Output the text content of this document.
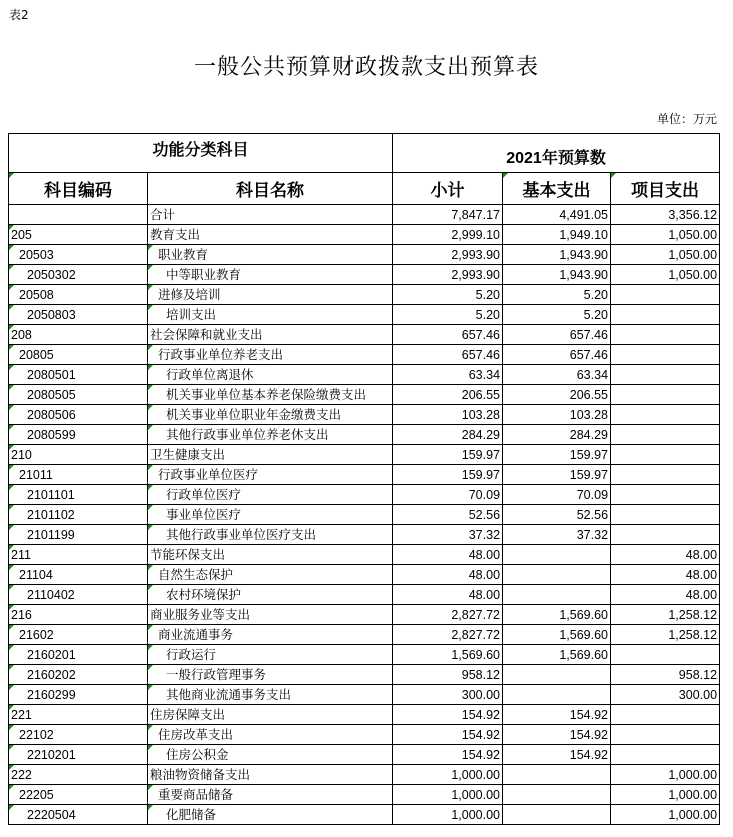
表2
一般公共预算财政拨款支出预算表
单位：万元
功能分类科目		2021年预算数		
科目编码	科目名称	小计	基本支出	项目支出
	合计	7,847.17	4,491.05	3,356.12
205	教育支出	2,999.10	1,949.10	1,050.00
20503	职业教育	2,993.90	1,943.90	1,050.00
2050302	中等职业教育	2,993.90	1,943.90	1,050.00
20508	进修及培训	5.20	5.20	
2050803	培训支出	5.20	5.20	
208	社会保障和就业支出	657.46	657.46	
20805	行政事业单位养老支出	657.46	657.46	
2080501	行政单位离退休	63.34	63.34	
2080505	机关事业单位基本养老保险缴费支出	206.55	206.55	
2080506	机关事业单位职业年金缴费支出	103.28	103.28	
2080599	其他行政事业单位养老休支出	284.29	284.29	
210	卫生健康支出	159.97	159.97	
21011	行政事业单位医疗	159.97	159.97	
2101101	行政单位医疗	70.09	70.09	
2101102	事业单位医疗	52.56	52.56	
2101199	其他行政事业单位医疗支出	37.32	37.32	
211	节能环保支出	48.00		48.00
21104	自然生态保护	48.00		48.00
2110402	农村环境保护	48.00		48.00
216	商业服务业等支出	2,827.72	1,569.60	1,258.12
21602	商业流通事务	2,827.72	1,569.60	1,258.12
2160201	行政运行	1,569.60	1,569.60	
2160202	一般行政管理事务	958.12		958.12
2160299	其他商业流通事务支出	300.00		300.00
221	住房保障支出	154.92	154.92	
22102	住房改革支出	154.92	154.92	
2210201	住房公积金	154.92	154.92	
222	粮油物资储备支出	1,000.00		1,000.00
22205	重要商品储备	1,000.00		1,000.00
2220504	化肥储备	1,000.00		1,000.00
